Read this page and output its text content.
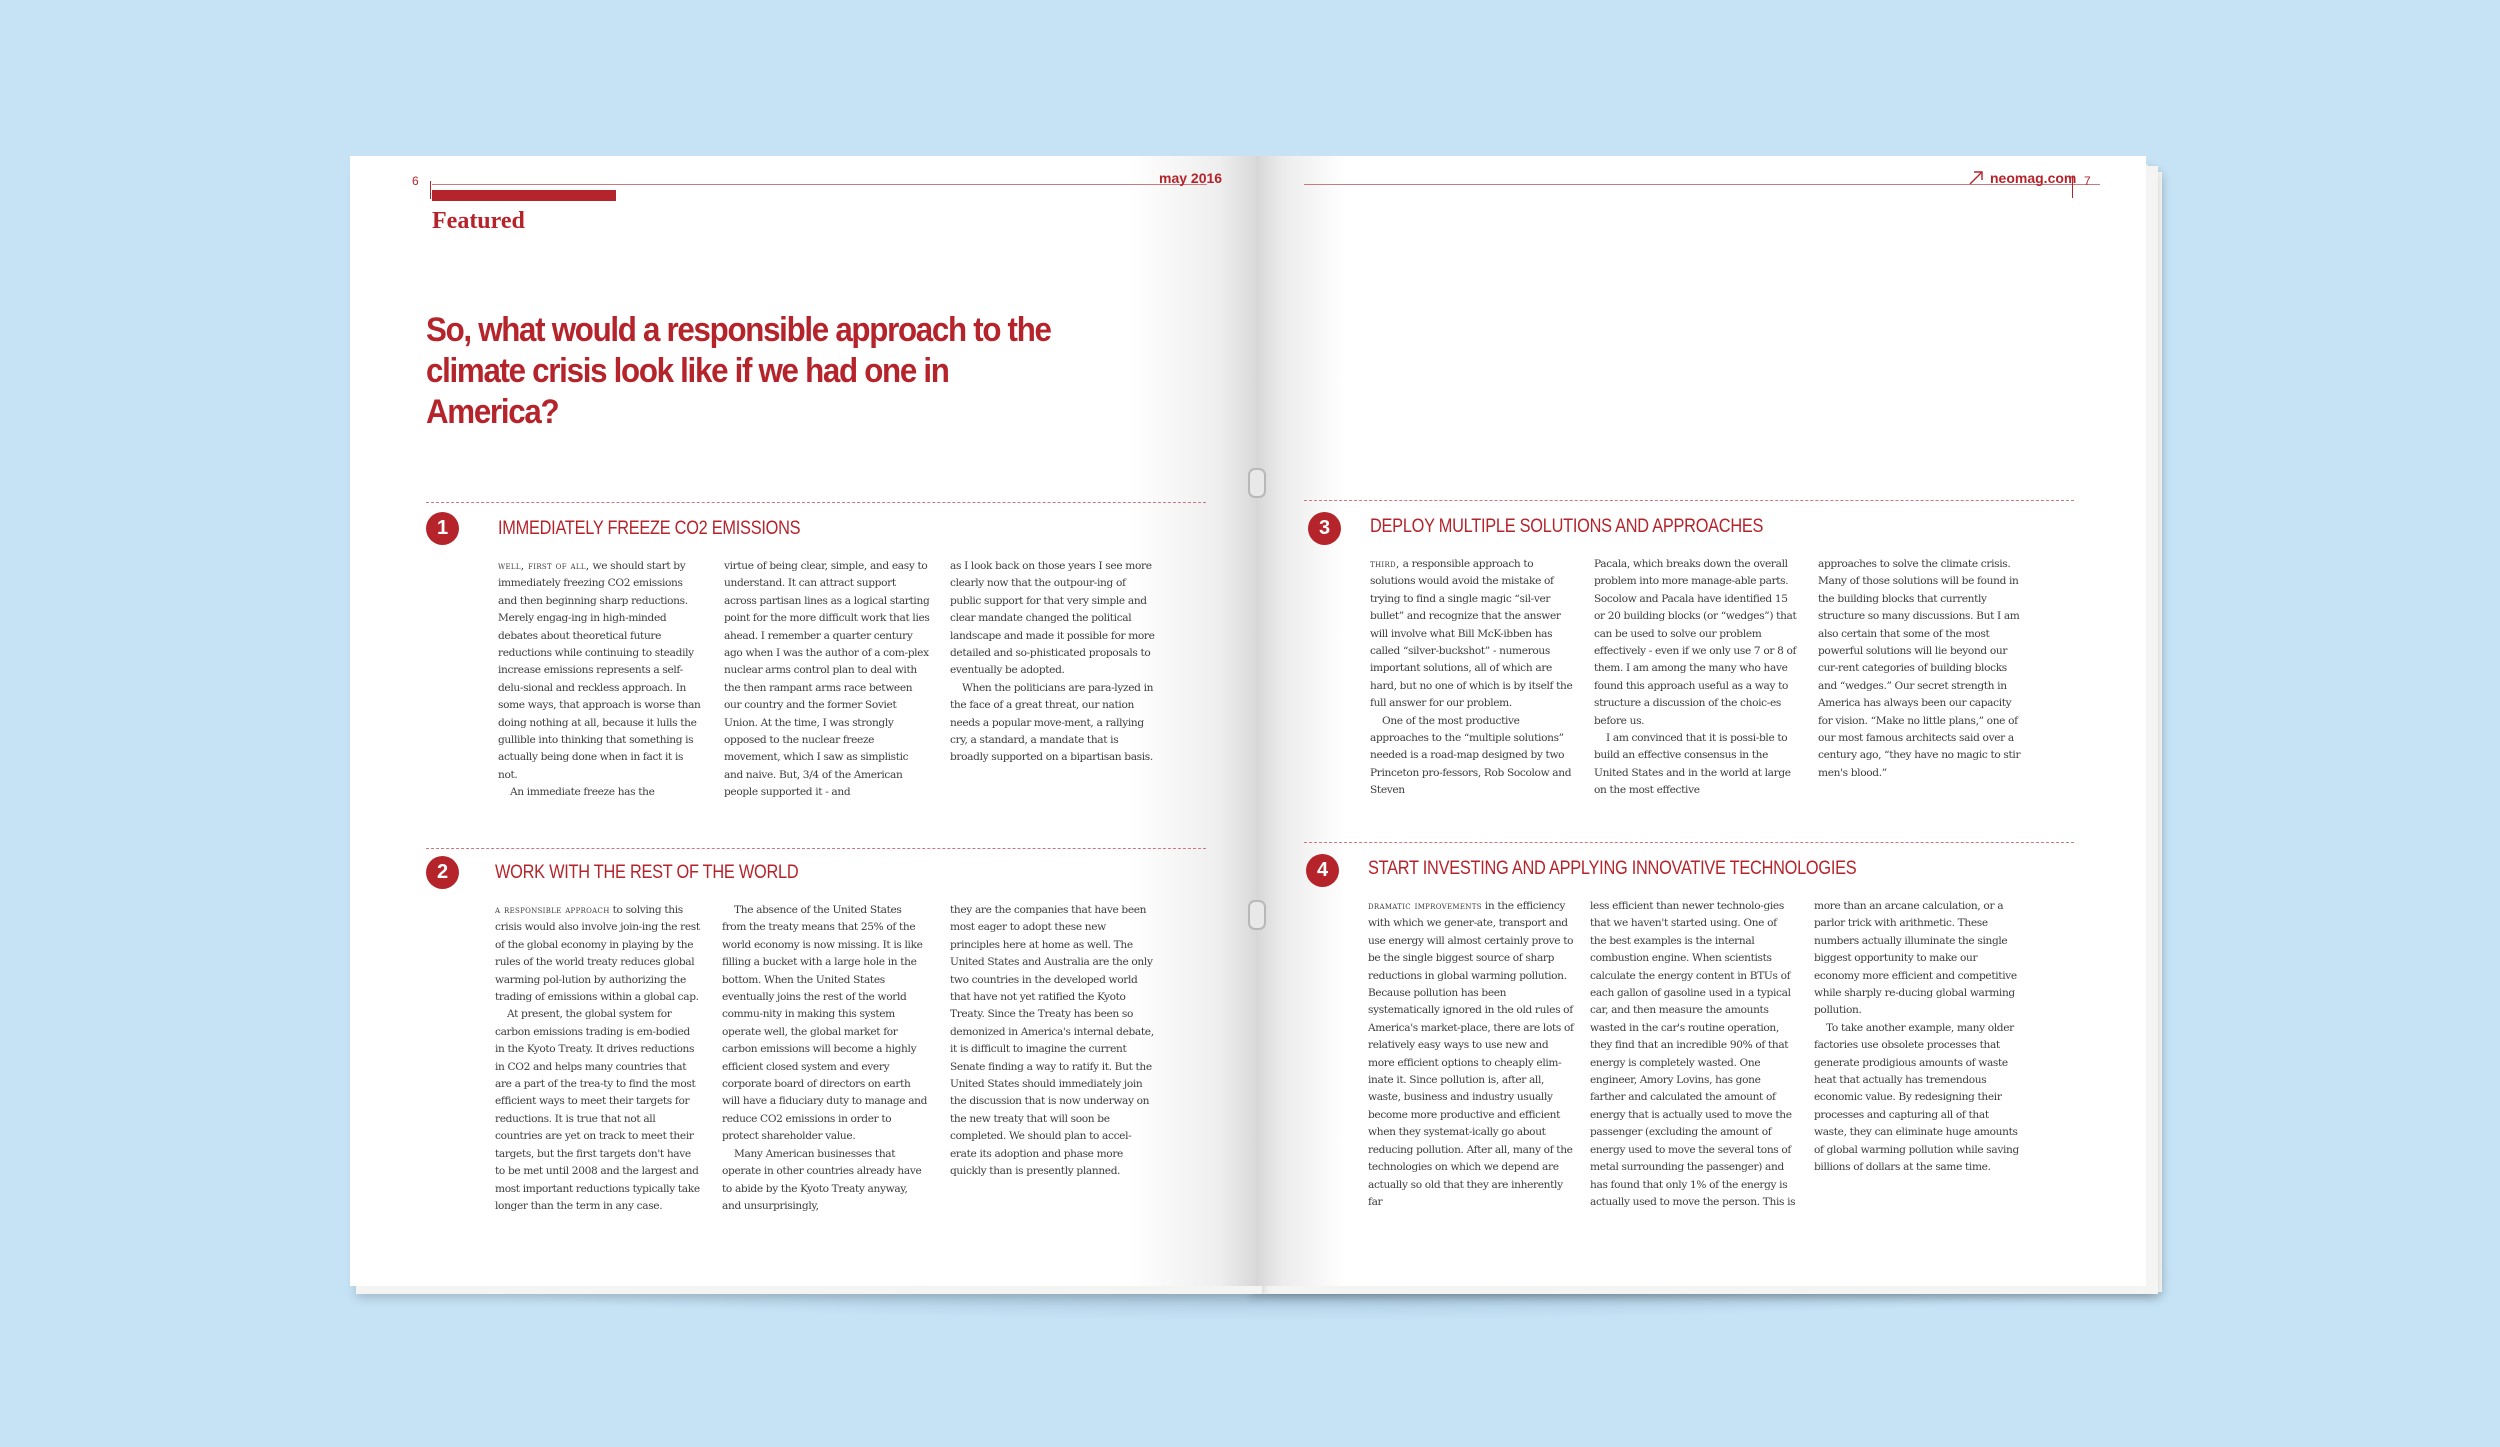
6	may 2016
Featured
So, what would a responsible approach to the climate crisis look like if we had one in America?
1	IMMEDIATELY FREEZE CO2 EMISSIONS

well, first of all, we should start by immediately freezing CO2 emissions and then beginning sharp reductions. Merely engag-ing in high-minded debates about theoretical future reductions while continuing to steadily increase emissions represents a self-delu-sional and reckless approach. In some ways, that approach is worse than doing nothing at all, because it lulls the gullible into thinking that something is actually being done when in fact it is not.

An immediate freeze has the

virtue of being clear, simple, and easy to understand. It can attract support across partisan lines as a logical starting point for the more difficult work that lies ahead. I remember a quarter century ago when I was the author of a com-plex nuclear arms control plan to deal with the then rampant arms race between our country and the former Soviet Union. At the time, I was strongly opposed to the nuclear freeze movement, which I saw as simplistic and naive. But, 3/4 of the American people supported it - and

as I look back on those years I see more clearly now that the outpour-ing of public support for that very simple and clear mandate changed the political landscape and made it possible for more detailed and so-phisticated proposals to eventually be adopted.

When the politicians are para-lyzed in the face of a great threat, our nation needs a popular move-ment, a rallying cry, a standard, a mandate that is broadly supported on a bipartisan basis.

2	WORK WITH THE REST OF THE WORLD

a responsible approach to solving this crisis would also involve join-ing the rest of the global economy in playing by the rules of the world treaty reduces global warming pol-lution by authorizing the trading of emissions within a global cap.

At present, the global system for carbon emissions trading is em-bodied in the Kyoto Treaty. It drives reductions in CO2 and helps many countries that are a part of the trea-ty to find the most efficient ways to meet their targets for reductions. It is true that not all countries are yet on track to meet their targets, but the first targets don't have to be met until 2008 and the largest and most important reductions typically take longer than the term in any case.

The absence of the United States from the treaty means that 25% of the world economy is now missing. It is like filling a bucket with a large hole in the bottom. When the United States eventually joins the rest of the world commu-nity in making this system operate well, the global market for carbon emissions will become a highly efficient closed system and every corporate board of directors on earth will have a fiduciary duty to manage and reduce CO2 emissions in order to protect shareholder value.

Many American businesses that operate in other countries already have to abide by the Kyoto Treaty anyway, and unsurprisingly,

they are the companies that have been most eager to adopt these new principles here at home as well. The United States and Australia are the only two countries in the developed world that have not yet ratified the Kyoto Treaty. Since the Treaty has been so demonized in America's internal debate, it is difficult to imagine the current Senate finding a way to ratify it. But the United States should immediately join the discussion that is now underway on the new treaty that will soon be completed. We should plan to accel-erate its adoption and phase more quickly than is presently planned.

neomag.com 7
3	DEPLOY MULTIPLE SOLUTIONS AND APPROACHES

third, a responsible approach to solutions would avoid the mistake of trying to find a single magic “sil-ver bullet” and recognize that the answer will involve what Bill McK-ibben has called “silver-buckshot” - numerous important solutions, all of which are hard, but no one of which is by itself the full answer for our problem.

One of the most productive approaches to the “multiple solutions” needed is a road-map designed by two Princeton pro-fessors, Rob Socolow and Steven

Pacala, which breaks down the overall problem into more manage-able parts. Socolow and Pacala have identified 15 or 20 building blocks (or “wedges”) that can be used to solve our problem effectively - even if we only use 7 or 8 of them. I am among the many who have found this approach useful as a way to structure a discussion of the choic-es before us.

I am convinced that it is possi-ble to build an effective consensus in the United States and in the world at large on the most effective

approaches to solve the climate crisis. Many of those solutions will be found in the building blocks that currently structure so many discussions. But I am also certain that some of the most powerful solutions will lie beyond our cur-rent categories of building blocks and “wedges.” Our secret strength in America has always been our capacity for vision. “Make no little plans,” one of our most famous architects said over a century ago, “they have no magic to stir men's blood.”

4	START INVESTING AND APPLYING INNOVATIVE TECHNOLOGIES

dramatic improvements in the efficiency with which we gener-ate, transport and use energy will almost certainly prove to be the single biggest source of sharp reductions in global warming pollution. Because pollution has been systematically ignored in the old rules of America's market-place, there are lots of relatively easy ways to use new and more efficient options to cheaply elim-inate it. Since pollution is, after all, waste, business and industry usually become more productive and efficient when they systemat-ically go about reducing pollution. After all, many of the technologies on which we depend are actually so old that they are inherently far

less efficient than newer technolo-gies that we haven't started using. One of the best examples is the internal combustion engine. When scientists calculate the energy content in BTUs of each gallon of gasoline used in a typical car, and then measure the amounts wasted in the car's routine operation, they find that an incredible 90% of that energy is completely wasted. One engineer, Amory Lovins, has gone farther and calculated the amount of energy that is actually used to move the passenger (excluding the amount of energy used to move the several tons of metal surrounding the passenger) and has found that only 1% of the energy is actually used to move the person. This is

more than an arcane calculation, or a parlor trick with arithmetic. These numbers actually illuminate the single biggest opportunity to make our economy more efficient and competitive while sharply re-ducing global warming pollution.

To take another example, many older factories use obsolete processes that generate prodigious amounts of waste heat that actually has tremendous economic value. By redesigning their processes and capturing all of that waste, they can eliminate huge amounts of global warming pollution while saving billions of dollars at the same time.
